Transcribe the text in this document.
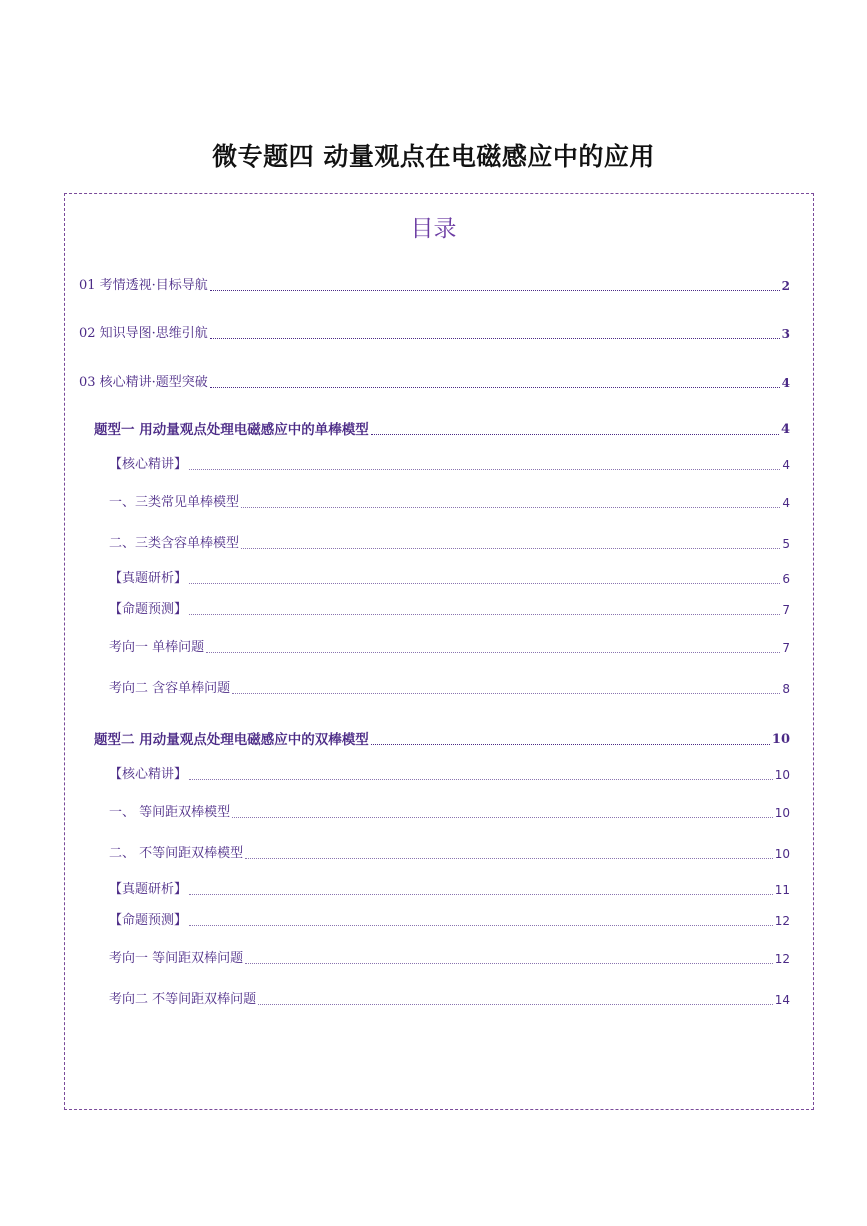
微专题四 动量观点在电磁感应中的应用
目录
01 考情透视·目标导航	2
02 知识导图·思维引航	3
03 核心精讲·题型突破	4
题型一 用动量观点处理电磁感应中的单棒模型	4
【核心精讲】	4
一、三类常见单棒模型	4
二、三类含容单棒模型	5
【真题研析】	6
【命题预测】	7
考向一 单棒问题	7
考向二 含容单棒问题	8
题型二 用动量观点处理电磁感应中的双棒模型	10
【核心精讲】	10
一、 等间距双棒模型	10
二、 不等间距双棒模型	10
【真题研析】	11
【命题预测】	12
考向一 等间距双棒问题	12
考向二 不等间距双棒问题	14
